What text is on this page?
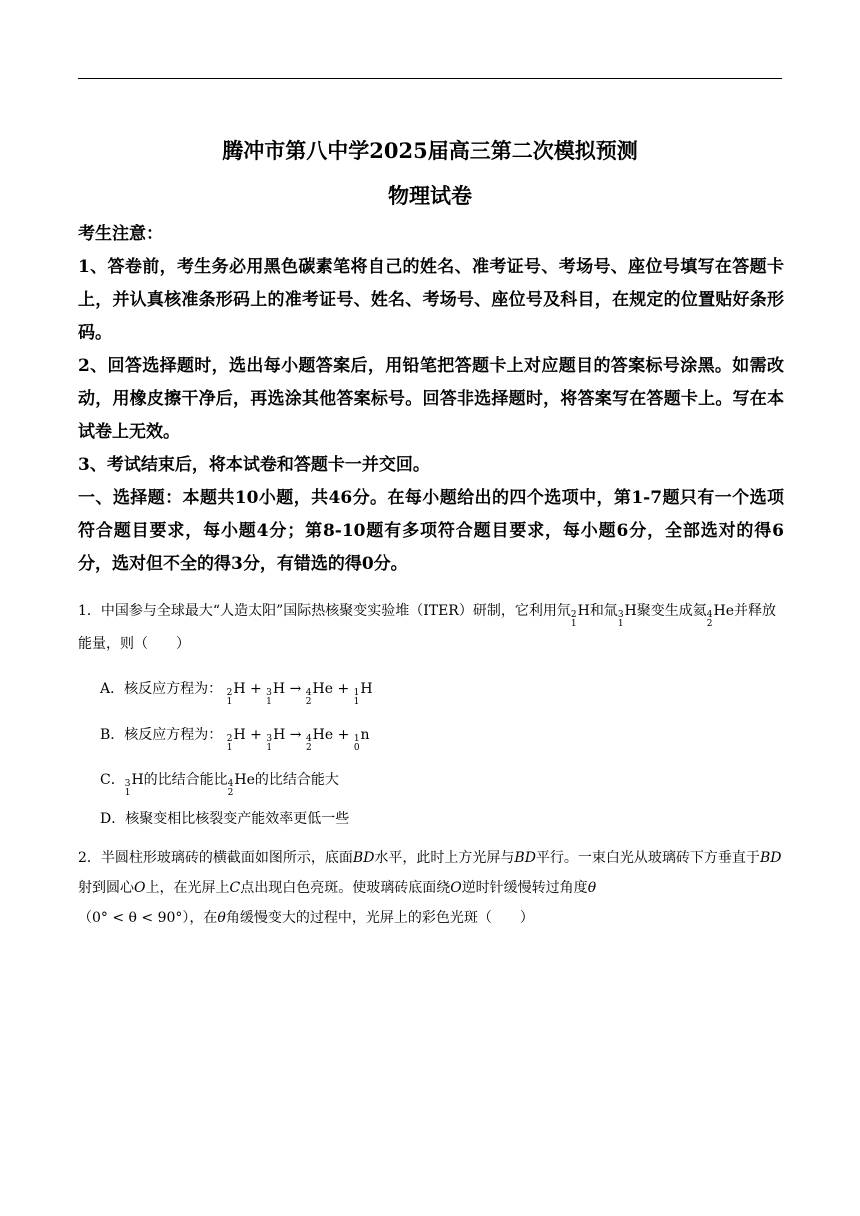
腾冲市第八中学2025届高三第二次模拟预测
物理试卷

考生注意：

1、答卷前，考生务必用黑色碳素笔将自己的姓名、准考证号、考场号、座位号填写在答题卡上，并认真核准条形码上的准考证号、姓名、考场号、座位号及科目，在规定的位置贴好条形码。

2、回答选择题时，选出每小题答案后，用铅笔把答题卡上对应题目的答案标号涂黑。如需改动，用橡皮擦干净后，再选涂其他答案标号。回答非选择题时，将答案写在答题卡上。写在本试卷上无效。

3、考试结束后，将本试卷和答题卡一并交回。

一、选择题：本题共10小题，共46分。在每小题给出的四个选项中，第1-7题只有一个选项符合题目要求，每小题4分；第8-10题有多项符合题目要求，每小题6分，全部选对的得6分，选对但不全的得3分，有错选的得0分。

1．中国参与全球最大“人造太阳”国际热核聚变实验堆（ITER）研制，它利用氘 2
1
H和氚 3
1
H聚变生成氦 4
2
He并释放能量，则（　　）

A．核反应方程为： 2
1
H + 3
1
H → 4
2
He + 1
1
H
B．核反应方程为： 2
1
H + 3
1
H → 4
2
He + 1
0
n
C． 3
1
H的比结合能比 4
2
He的比结合能大
D．核聚变相比核裂变产能效率更低一些

2．半圆柱形玻璃砖的横截面如图所示，底面BD水平，此时上方光屏与BD平行。一束白光从玻璃砖下方垂直于BD射到圆心O上，在光屏上C点出现白色亮斑。使玻璃砖底面绕O逆时针缓慢转过角度θ
（0° < θ < 90°），在θ角缓慢变大的过程中，光屏上的彩色光斑（　　）
